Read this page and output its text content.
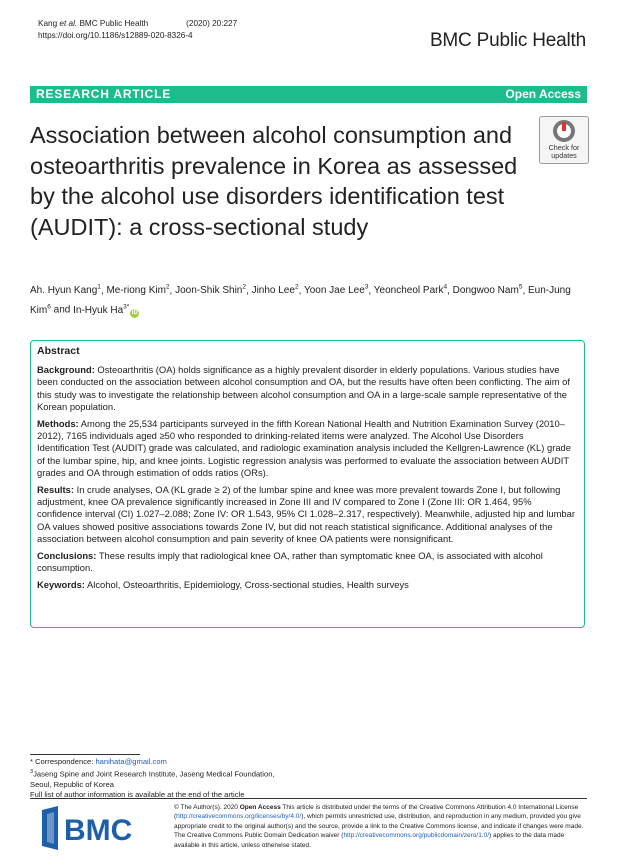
Kang et al. BMC Public Health	(2020) 20:227
https://doi.org/10.1186/s12889-020-8326-4	BMC Public Health
RESEARCH ARTICLE	Open Access
Association between alcohol consumption and osteoarthritis prevalence in Korea as assessed by the alcohol use disorders identification test (AUDIT): a cross-sectional study
Check for
updates
Ah. Hyun Kang$^1$, Me-riong Kim$^2$, Joon-Shik Shin$^2$, Jinho Lee$^2$, Yoon Jae Lee$^3$, Yeoncheol Park$^4$, Dongwoo Nam$^5$, Eun-Jung Kim$^6$ and In-Hyuk $Ha^{3*}iD$
Abstract

Background: Osteoarthritis (OA) holds significance as a highly prevalent disorder in elderly populations. Various studies have been conducted on the association between alcohol consumption and OA, but the results have often been conflicting. The aim of this study was to investigate the relationship between alcohol consumption and OA in a large-scale sample representative of the Korean population.

Methods: Among the 25,534 participants surveyed in the fifth Korean National Health and Nutrition Examination Survey (2010–2012), 7165 individuals aged ≥50 who responded to drinking-related items were analyzed. The Alcohol Use Disorders Identification Test (AUDIT) grade was calculated, and radiologic examination analysis included the Kellgren-Lawrence (KL) grade of the lumbar spine, hip, and knee joints. Logistic regression analysis was performed to evaluate the association between AUDIT grades and OA through estimation of odds ratios (ORs).

Results: In crude analyses, OA (KL grade ≥ 2) of the lumbar spine and knee was more prevalent towards Zone I, but following adjustment, knee OA prevalence significantly increased in Zone III and IV compared to Zone I (Zone III: OR 1.464, 95% confidence interval (CI) 1.027–2.088; Zone IV: OR 1.543, 95% CI 1.028–2.317, respectively). Meanwhile, adjusted hip and lumbar OA values showed positive associations towards Zone IV, but did not reach statistical significance. Additional analyses of the association between alcohol consumption and pain severity of knee OA patients were nonsignificant.

Conclusions: These results imply that radiological knee OA, rather than symptomatic knee OA, is associated with alcohol consumption.

Keywords: Alcohol, Osteoarthritis, Epidemiology, Cross-sectional studies, Health surveys

* Correspondence: hanihata@gmail.com
$^3$Jaseng Spine and Joint Research Institute, Jaseng Medical Foundation,
Seoul, Republic of Korea
Full list of author information is available at the end of the article
BMC
© The Author(s). 2020 Open Access This article is distributed under the terms of the Creative Commons Attribution 4.0 International License (http://creativecommons.org/licenses/by/4.0/), which permits unrestricted use, distribution, and reproduction in any medium, provided you give appropriate credit to the original author(s) and the source, provide a link to the Creative Commons license, and indicate if changes were made. The Creative Commons Public Domain Dedication waiver (http://creativecommons.org/publicdomain/zero/1.0/) applies to the data made available in this article, unless otherwise stated.
